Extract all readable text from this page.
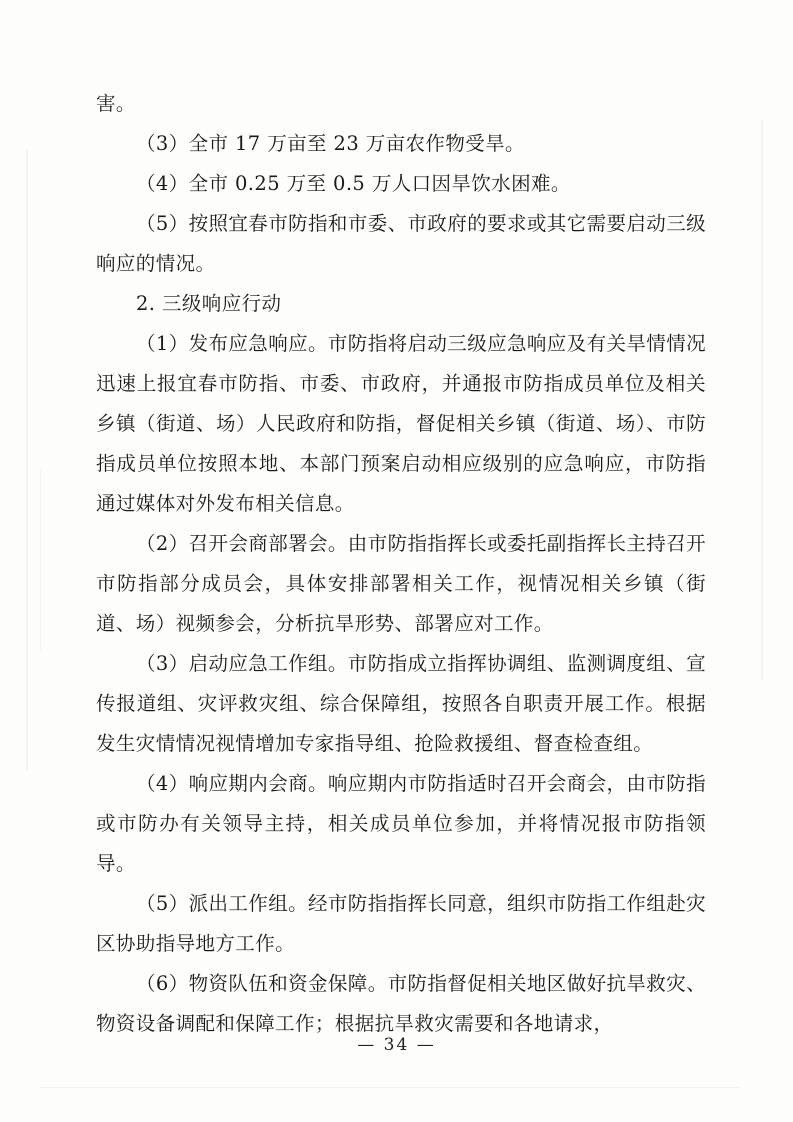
害。

（3）全市 17 万亩至 23 万亩农作物受旱。

（4）全市 0.25 万至 0.5 万人口因旱饮水困难。

（5）按照宜春市防指和市委、市政府的要求或其它需要启动三级响应的情况。

2. 三级响应行动

（1）发布应急响应。市防指将启动三级应急响应及有关旱情情况迅速上报宜春市防指、市委、市政府，并通报市防指成员单位及相关乡镇（街道、场）人民政府和防指，督促相关乡镇（街道、场）、市防指成员单位按照本地、本部门预案启动相应级别的应急响应，市防指通过媒体对外发布相关信息。

（2）召开会商部署会。由市防指指挥长或委托副指挥长主持召开市防指部分成员会，具体安排部署相关工作，视情况相关乡镇（街道、场）视频参会，分析抗旱形势、部署应对工作。

（3）启动应急工作组。市防指成立指挥协调组、监测调度组、宣传报道组、灾评救灾组、综合保障组，按照各自职责开展工作。根据发生灾情情况视情增加专家指导组、抢险救援组、督查检查组。

（4）响应期内会商。响应期内市防指适时召开会商会，由市防指或市防办有关领导主持，相关成员单位参加，并将情况报市防指领导。

（5）派出工作组。经市防指指挥长同意，组织市防指工作组赴灾区协助指导地方工作。

（6）物资队伍和资金保障。市防指督促相关地区做好抗旱救灾、物资设备调配和保障工作；根据抗旱救灾需要和各地请求，

— 34 —
